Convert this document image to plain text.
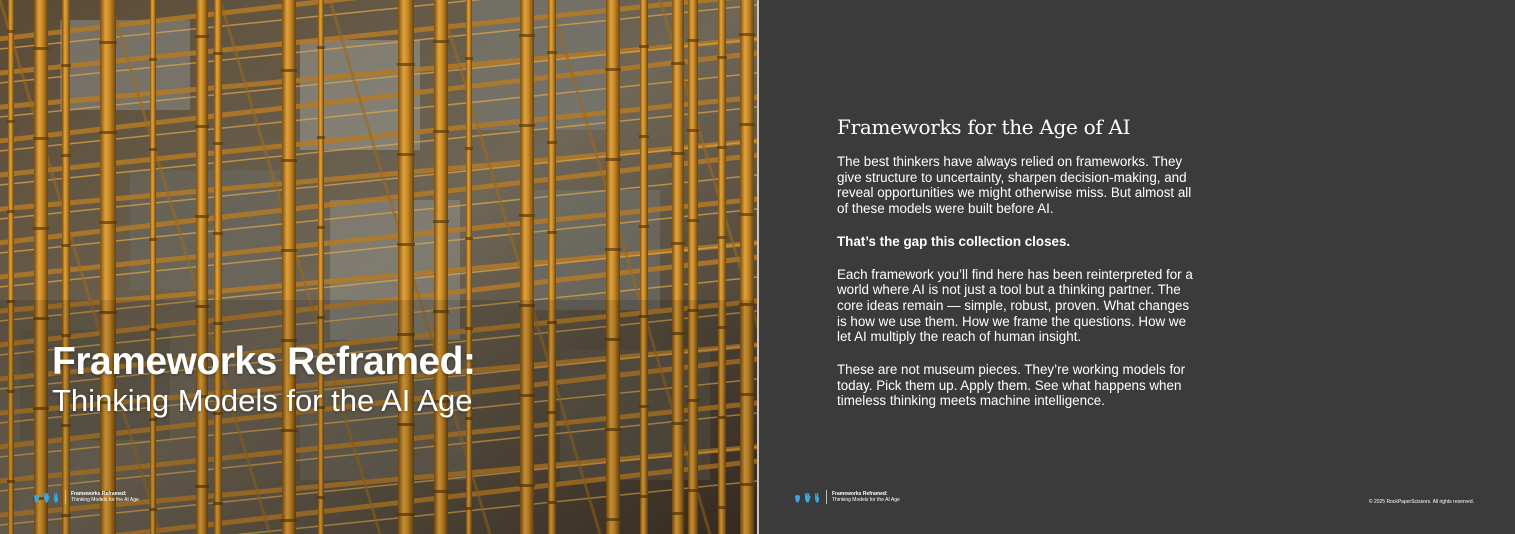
Frameworks Reframed:
Thinking Models for the AI Age
Frameworks Reframed:
Thinking Models for the AI Age
Frameworks for the Age of AI

The best thinkers have always relied on frameworks. They give structure to uncertainty, sharpen decision-making, and reveal opportunities we might otherwise miss. But almost all of these models were built before AI.

That’s the gap this collection closes.

Each framework you’ll find here has been reinterpreted for a world where AI is not just a tool but a thinking partner. The core ideas remain — simple, robust, proven. What changes is how we use them. How we frame the questions. How we let AI multiply the reach of human insight.

These are not museum pieces. They’re working models for today. Pick them up. Apply them. See what happens when timeless thinking meets machine intelligence.

Frameworks Reframed:
Thinking Models for the AI Age	© 2025 RockPaperScissors. All rights reserved.
